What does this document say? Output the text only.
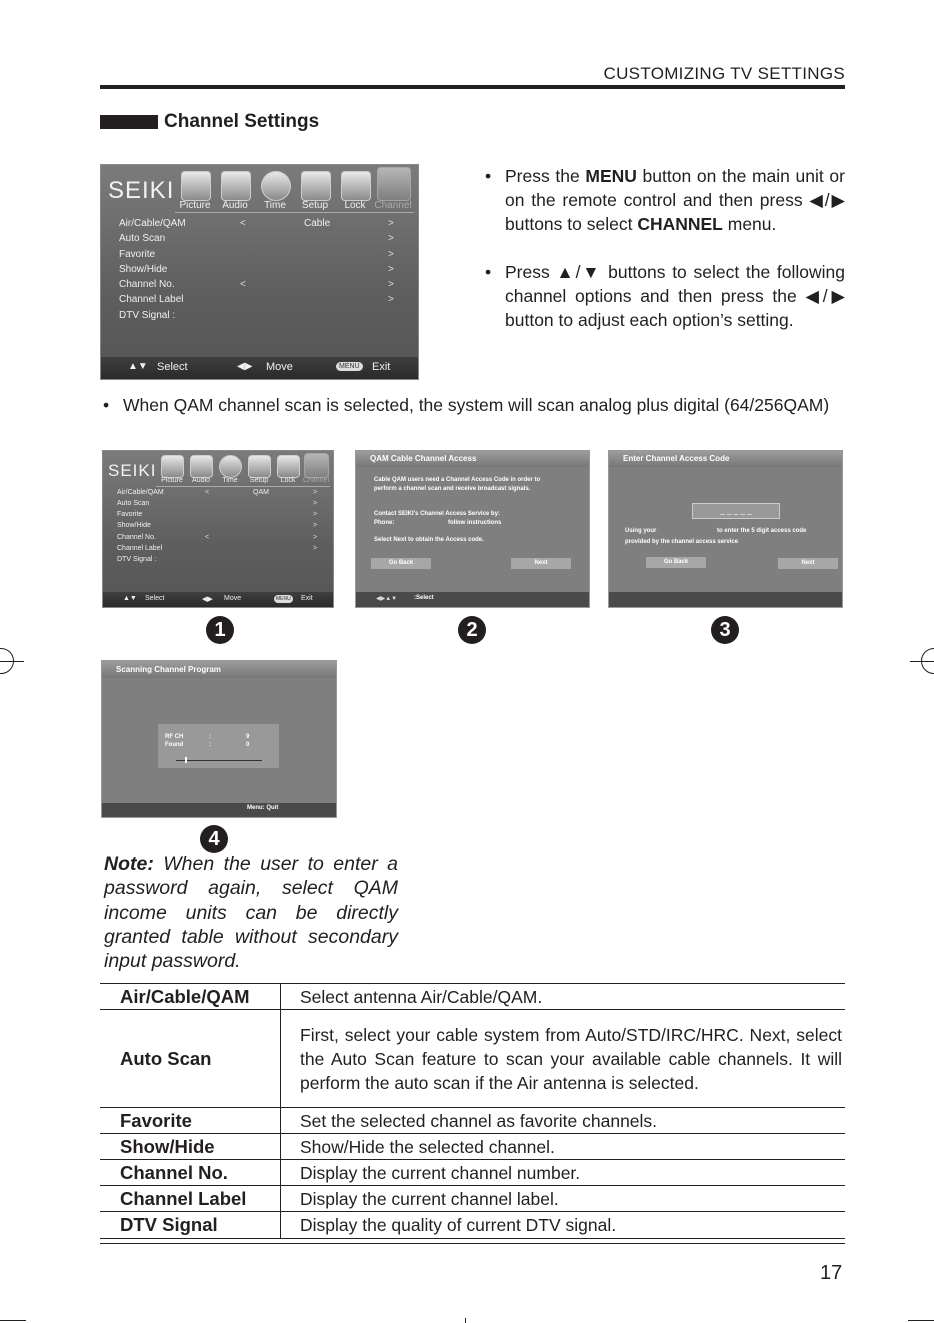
CUSTOMIZING TV SETTINGS
Channel Settings
SEIKI
Picture	Audio	Time	Setup	Lock Channel
Air/Cable/QAM	<	Cable	>
Auto Scan	>
Favorite	>
Show/Hide	>
Channel No.	<	>
Channel Label	>
DTV Signal :
▲▼ Select	◀▶ Move	MENU Exit
• Press the MENU button on the main unit or on the remote control and then press ◀/▶ buttons to select CHANNEL menu.
• Press ▲/▼ buttons to select the following channel options and then press the ◀/▶ button to adjust each option’s setting.
• When QAM channel scan is selected, the system will scan analog plus digital (64/256QAM)
SEIKI
Picture	Audio	Time	Setup	Lock	Channel
Air/Cable/QAM	<	QAM	>
Auto Scan	>
Favorite	>
Show/Hide	>
Channel No.	<	>
Channel Label	>
DTV Signal :
▲▼ Select	◀▶ Move	MENU Exit
QAM Cable Channel Access
Cable QAM users need a Channel Access Code in order to perform a channel scan and receive broadcast signals.
Contact SEIKI's Channel Access Service by:
Phone:	follow instructions
Select Next to obtain the Access code.
Go Back	Next
◀▶▲▼	:Select
Enter Channel Access Code
_ _ _ _ _
Using your	to enter the 5 digit access code
provided by the channel access service
Go Back	Next
1	2	3
Scanning Channel Program
RF CH	:	9
Found	:	0
Menu: Quit
4
Note: When the user to enter a password again, select QAM income units can be directly granted table without secondary input password.
Air/Cable/QAM	Select antenna Air/Cable/QAM.
Auto Scan	First, select your cable system from Auto/STD/IRC/HRC. Next, select the Auto Scan feature to scan your available cable channels. It will perform the auto scan if the Air antenna is selected.
Favorite	Set the selected channel as favorite channels.
Show/Hide	Show/Hide the selected channel.
Channel No.	Display the current channel number.
Channel Label	Display the current channel label.
DTV Signal	Display the quality of current DTV signal.
17
